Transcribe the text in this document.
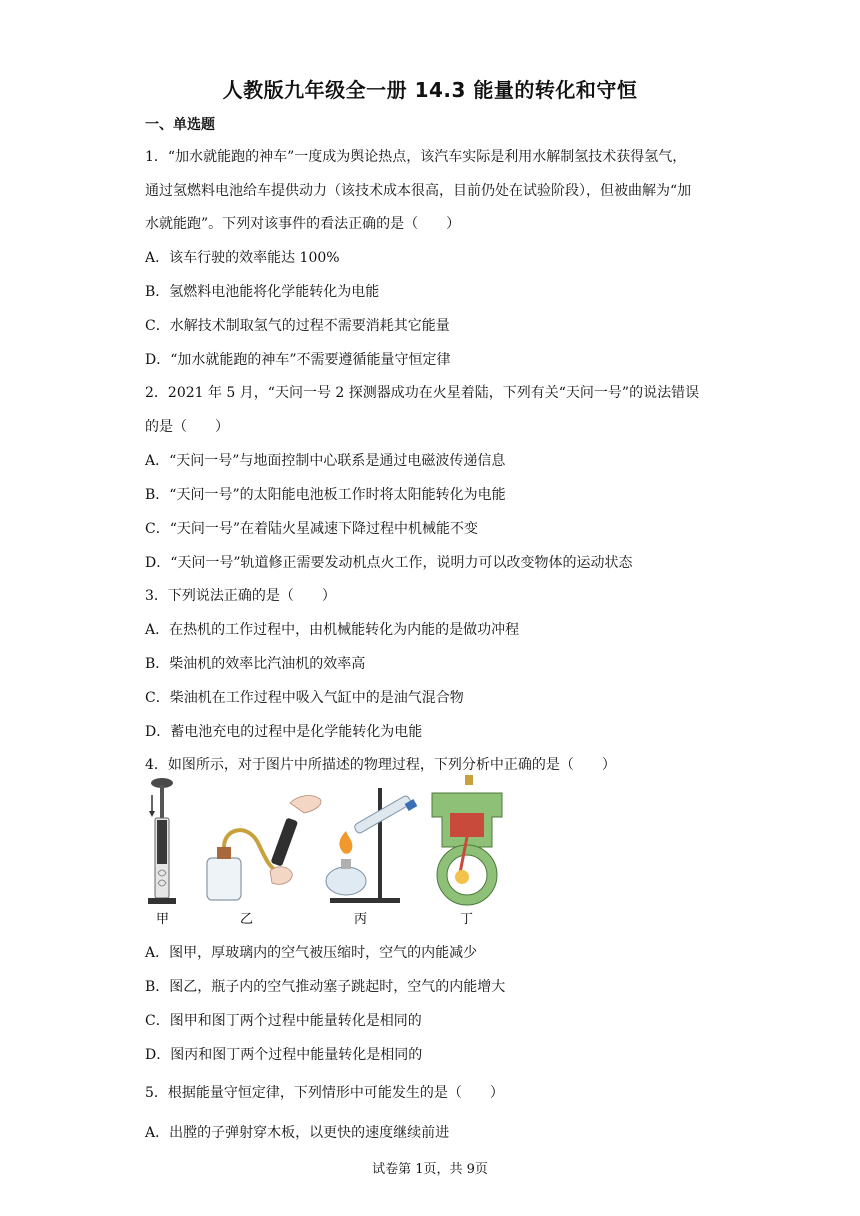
人教版九年级全一册 14.3 能量的转化和守恒
一、单选题
1．“加水就能跑的神车”一度成为舆论热点，该汽车实际是利用水解制氢技术获得氢气，
通过氢燃料电池给车提供动力（该技术成本很高，目前仍处在试验阶段），但被曲解为“加
水就能跑”。下列对该事件的看法正确的是（　　）
A．该车行驶的效率能达 100%
B．氢燃料电池能将化学能转化为电能
C．水解技术制取氢气的过程不需要消耗其它能量
D．“加水就能跑的神车”不需要遵循能量守恒定律
2．2021 年 5 月，“天问一号 2 探测器成功在火星着陆，下列有关“天问一号”的说法错误
的是（　　）
A．“天问一号”与地面控制中心联系是通过电磁波传递信息
B．“天问一号”的太阳能电池板工作时将太阳能转化为电能
C．“天问一号”在着陆火星减速下降过程中机械能不变
D．“天问一号”轨道修正需要发动机点火工作，说明力可以改变物体的运动状态
3．下列说法正确的是（　　）
A．在热机的工作过程中，由机械能转化为内能的是做功冲程
B．柴油机的效率比汽油机的效率高
C．柴油机在工作过程中吸入气缸中的是油气混合物
D．蓄电池充电的过程中是化学能转化为电能
4．如图所示，对于图片中所描述的物理过程，下列分析中正确的是（　　）
甲	乙	丙	丁
A．图甲，厚玻璃内的空气被压缩时，空气的内能减少
B．图乙，瓶子内的空气推动塞子跳起时，空气的内能增大
C．图甲和图丁两个过程中能量转化是相同的
D．图丙和图丁两个过程中能量转化是相同的
5．根据能量守恒定律，下列情形中可能发生的是（　　）
A．出膛的子弹射穿木板，以更快的速度继续前进
试卷第 1页，共 9页
